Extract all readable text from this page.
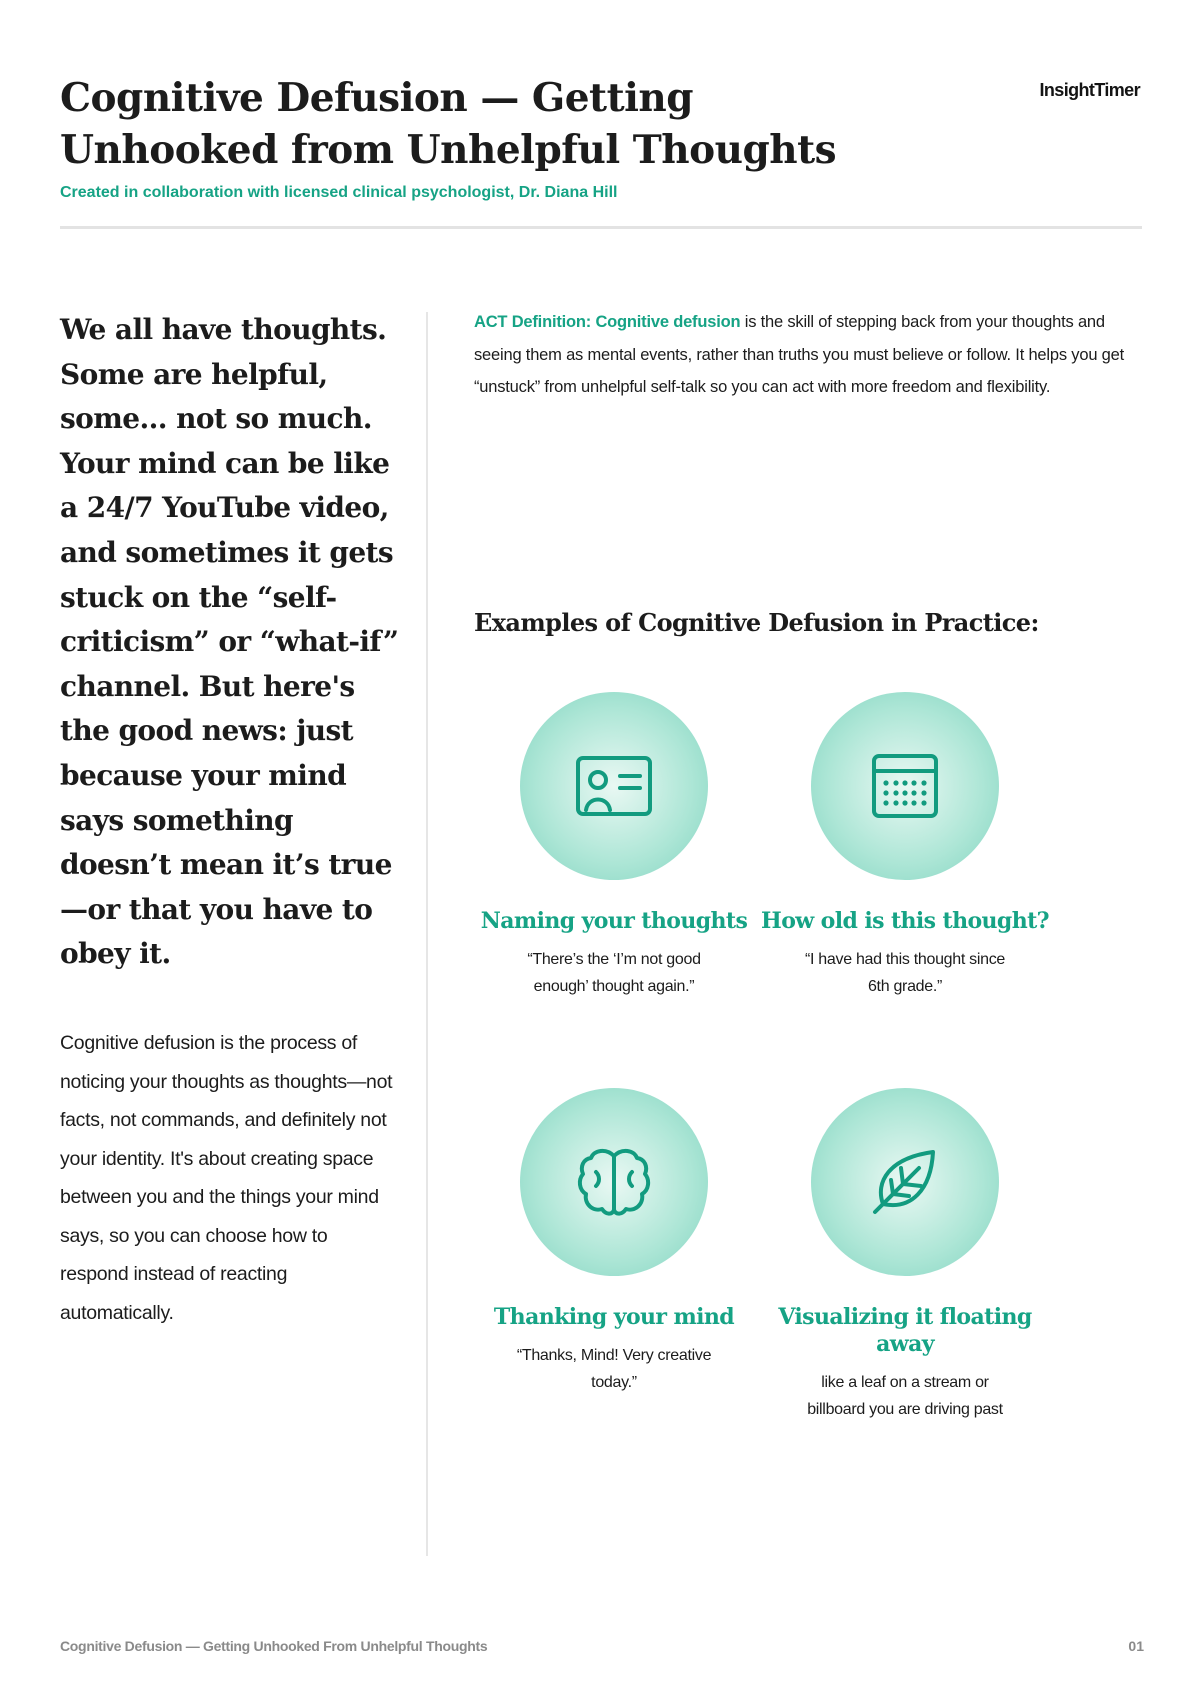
Cognitive Defusion — Getting Unhooked from Unhelpful Thoughts
InsightTimer

Created in collaboration with licensed clinical psychologist, Dr. Diana Hill

We all have thoughts. Some are helpful, some... not so much. Your mind can be like a 24/7 YouTube video, and sometimes it gets stuck on the “self-criticism” or “what-if” channel. But here's the good news: just because your mind says something doesn’t mean it’s true—or that you have to obey it.

Cognitive defusion is the process of noticing your thoughts as thoughts—not facts, not commands, and definitely not your identity. It's about creating space between you and the things your mind says, so you can choose how to respond instead of reacting automatically.

ACT Definition: Cognitive defusion is the skill of stepping back from your thoughts and seeing them as mental events, rather than truths you must believe or follow. It helps you get “unstuck” from unhelpful self-talk so you can act with more freedom and flexibility.

Examples of Cognitive Defusion in Practice:
Naming your thoughts
“There’s the ‘I’m not good enough’ thought again.”
How old is this thought?
“I have had this thought since 6th grade.”
Thanking your mind
“Thanks, Mind! Very creative today.”
Visualizing it floating away
like a leaf on a stream or billboard you are driving past

Cognitive Defusion — Getting Unhooked From Unhelpful Thoughts	01
